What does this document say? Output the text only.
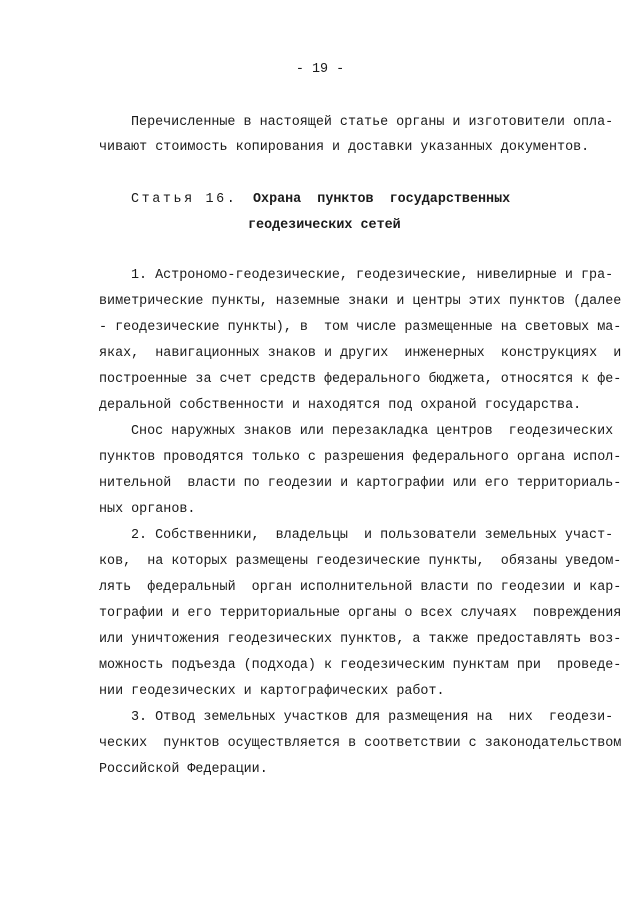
- 19 -
Перечисленные в настоящей статье органы и изготовители опла-
чивают стоимость копирования и доставки указанных документов.
Статья 16. Охрана  пунктов  государственных
геодезических сетей
1. Астрономо-геодезические, геодезические, нивелирные и гра-
виметрические пункты, наземные знаки и центры этих пунктов (далее
- геодезические пункты), в  том числе размещенные на световых ма-
яках,  навигационных знаков и других  инженерных  конструкциях  и
построенные за счет средств федерального бюджета, относятся к фе-
деральной собственности и находятся под охраной государства.
Снос наружных знаков или перезакладка центров  геодезических
пунктов проводятся только с разрешения федерального органа испол-
нительной  власти по геодезии и картографии или его территориаль-
ных органов.
2. Собственники,  владельцы  и пользователи земельных участ-
ков,  на которых размещены геодезические пункты,  обязаны уведом-
лять  федеральный  орган исполнительной власти по геодезии и кар-
тографии и его территориальные органы о всех случаях  повреждения
или уничтожения геодезических пунктов, а также предоставлять воз-
можность подъезда (подхода) к геодезическим пунктам при  проведе-
нии геодезических и картографических работ.
3. Отвод земельных участков для размещения на  них  геодези-
ческих  пунктов осуществляется в соответствии с законодательством
Российской Федерации.
